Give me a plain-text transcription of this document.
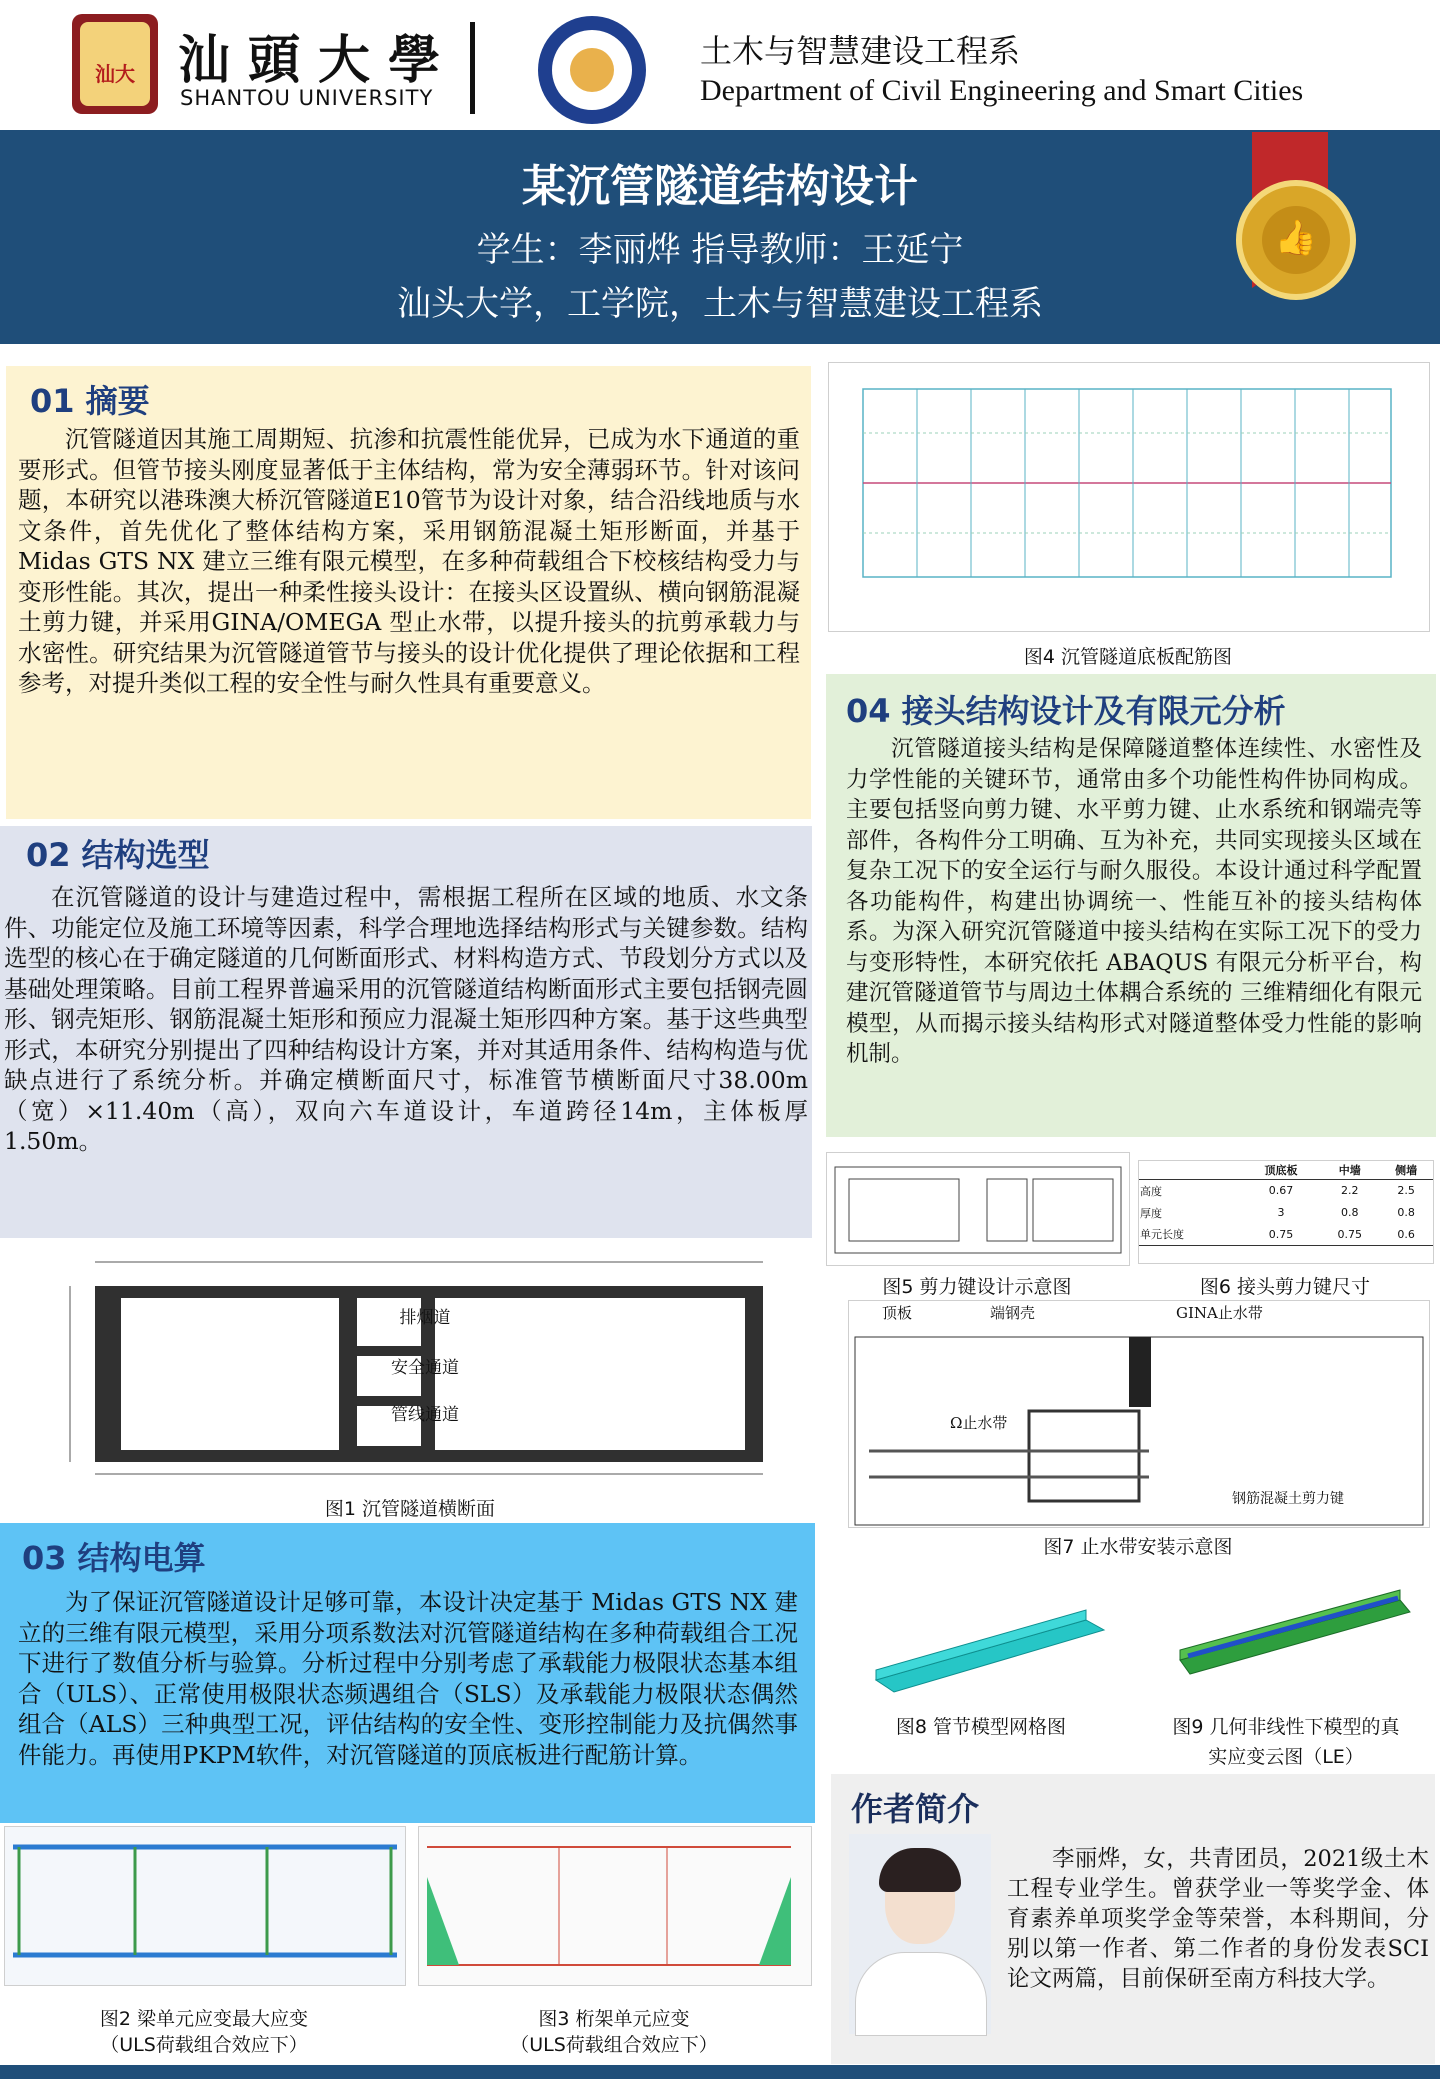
汕大 汕頭大學
SHANTOU UNIVERSITY
土木与智慧建设工程系
Department of Civil Engineering and Smart Cities
某沉管隧道结构设计
学生：李丽烨 指导教师：王延宁
汕头大学，工学院，土木与智慧建设工程系
👍
01 摘要
沉管隧道因其施工周期短、抗渗和抗震性能优异，已成为水下通道的重要形式。但管节接头刚度显著低于主体结构，常为安全薄弱环节。针对该问题，本研究以港珠澳大桥沉管隧道E10管节为设计对象，结合沿线地质与水文条件，首先优化了整体结构方案，采用钢筋混凝土矩形断面，并基于 Midas GTS NX 建立三维有限元模型，在多种荷载组合下校核结构受力与变形性能。其次，提出一种柔性接头设计：在接头区设置纵、横向钢筋混凝土剪力键，并采用GINA/OMEGA 型止水带，以提升接头的抗剪承载力与水密性。研究结果为沉管隧道管节与接头的设计优化提供了理论依据和工程参考，对提升类似工程的安全性与耐久性具有重要意义。
02 结构选型
在沉管隧道的设计与建造过程中，需根据工程所在区域的地质、水文条件、功能定位及施工环境等因素，科学合理地选择结构形式与关键参数。结构选型的核心在于确定隧道的几何断面形式、材料构造方式、节段划分方式以及基础处理策略。目前工程界普遍采用的沉管隧道结构断面形式主要包括钢壳圆形、钢壳矩形、钢筋混凝土矩形和预应力混凝土矩形四种方案。基于这些典型形式，本研究分别提出了四种结构设计方案，并对其适用条件、结构构造与优缺点进行了系统分析。并确定横断面尺寸，标准管节横断面尺寸38.00m（宽）×11.40m（高），双向六车道设计，车道跨径14m，主体板厚1.50m。
排烟道
安全通道
管线通道
图1 沉管隧道横断面
03 结构电算
为了保证沉管隧道设计足够可靠，本设计决定基于 Midas GTS NX 建立的三维有限元模型，采用分项系数法对沉管隧道结构在多种荷载组合工况下进行了数值分析与验算。分析过程中分别考虑了承载能力极限状态基本组合（ULS）、正常使用极限状态频遇组合（SLS）及承载能力极限状态偶然组合（ALS）三种典型工况，评估结构的安全性、变形控制能力及抗偶然事件能力。再使用PKPM软件，对沉管隧道的顶底板进行配筋计算。
图2 梁单元应变最大应变
（ULS荷载组合效应下）
图3 桁架单元应变
（ULS荷载组合效应下）
图4 沉管隧道底板配筋图
04 接头结构设计及有限元分析
沉管隧道接头结构是保障隧道整体连续性、水密性及力学性能的关键环节，通常由多个功能性构件协同构成。主要包括竖向剪力键、水平剪力键、止水系统和钢端壳等部件，各构件分工明确、互为补充，共同实现接头区域在复杂工况下的安全运行与耐久服役。本设计通过科学配置各功能构件，构建出协调统一、性能互补的接头结构体系。为深入研究沉管隧道中接头结构在实际工况下的受力与变形特性，本研究依托 ABAQUS 有限元分析平台，构建沉管隧道管节与周边土体耦合系统的 三维精细化有限元模型，从而揭示接头结构形式对隧道整体受力性能的影响机制。
	顶底板	中墙	侧墙
高度	0.67	2.2	2.5
厚度	3	0.8	0.8
单元长度	0.75	0.75	0.6
图5 剪力键设计示意图	图6 接头剪力键尺寸
顶板	端钢壳	GINA止水带
Ω止水带
钢筋混凝土剪力键
图7 止水带安装示意图
图8 管节模型网格图	图9 几何非线性下模型的真
实应变云图（LE）
作者简介
李丽烨，女，共青团员，2021级土木工程专业学生。曾获学业一等奖学金、体育素养单项奖学金等荣誉，本科期间，分别以第一作者、第二作者的身份发表SCI论文两篇，目前保研至南方科技大学。
